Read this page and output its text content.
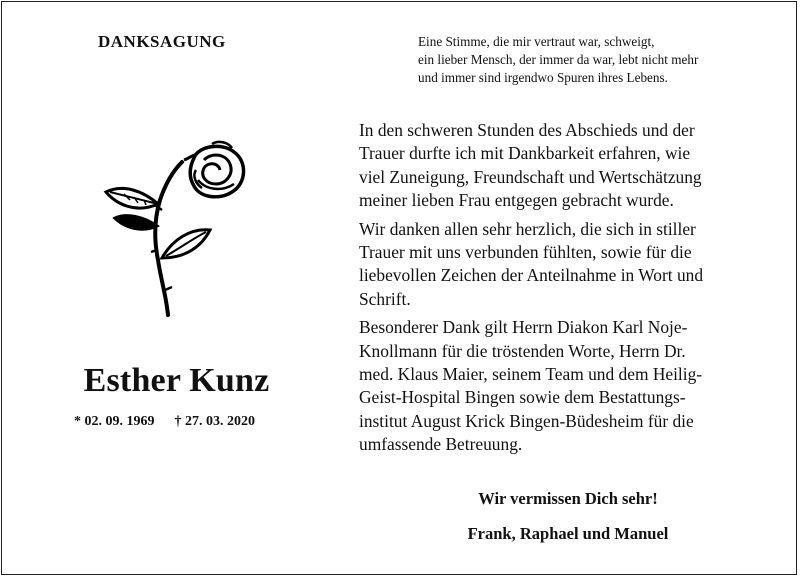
DANKSAGUNG	Eine Stimme, die mir vertraut war, schweigt,
ein lieber Mensch, der immer da war, lebt nicht mehr
und immer sind irgendwo Spuren ihres Lebens.
Esther Kunz
* 02. 09. 1969 † 27. 03. 2020

In den schweren Stunden des Abschieds und der
Trauer durfte ich mit Dankbarkeit erfahren, wie
viel Zuneigung, Freundschaft und Wertschätzung
meiner lieben Frau entgegen gebracht wurde.

Wir danken allen sehr herzlich, die sich in stiller
Trauer mit uns verbunden fühlten, sowie für die
liebevollen Zeichen der Anteilnahme in Wort und
Schrift.

Besonderer Dank gilt Herrn Diakon Karl Noje-
Knollmann für die tröstenden Worte, Herrn Dr.
med. Klaus Maier, seinem Team und dem Heilig-
Geist-Hospital Bingen sowie dem Bestattungs-
institut August Krick Bingen-Büdesheim für die
umfassende Betreuung.

Wir vermissen Dich sehr!
Frank, Raphael und Manuel
